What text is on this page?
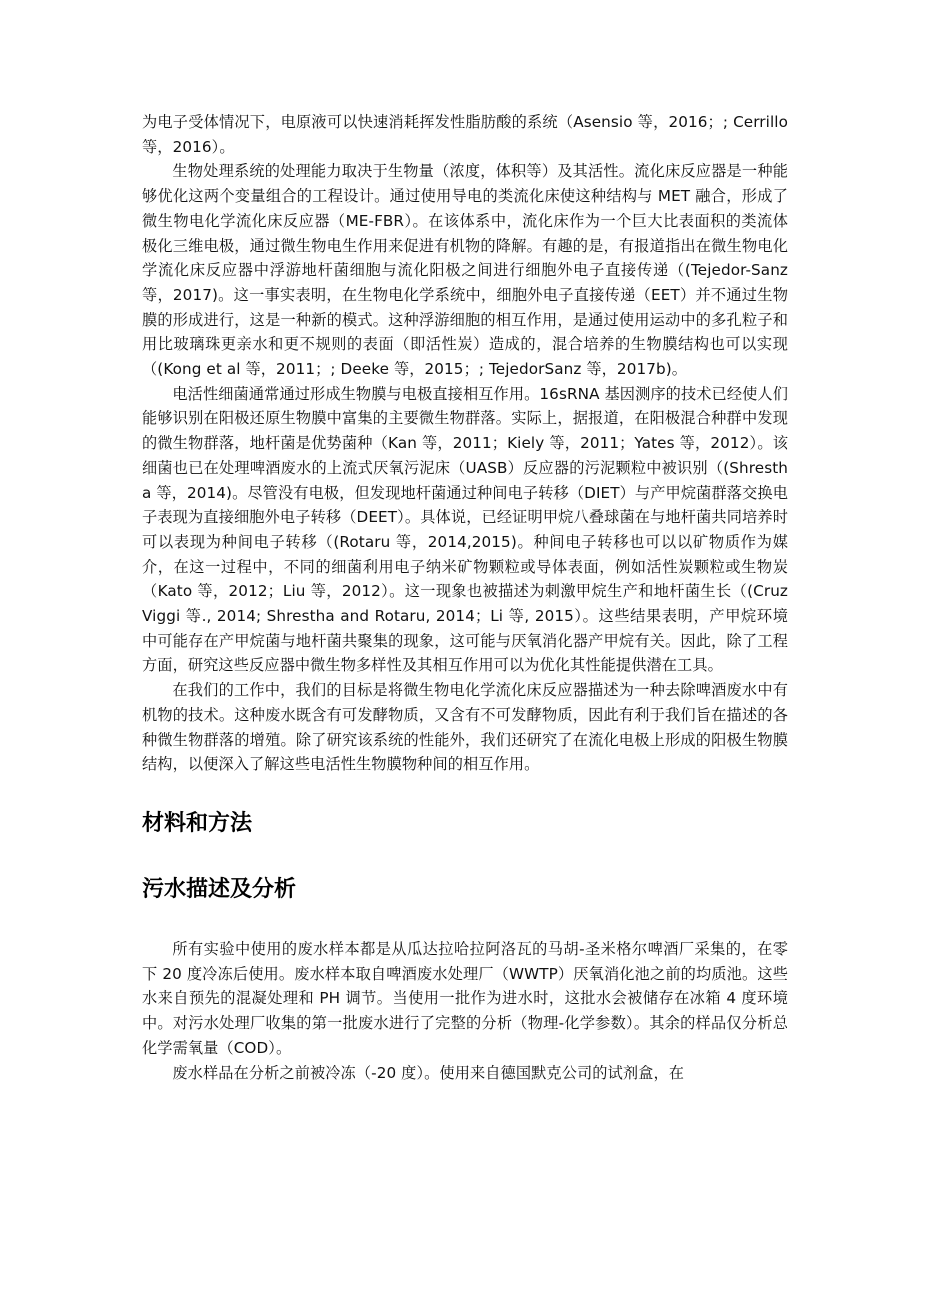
为电子受体情况下，电原液可以快速消耗挥发性脂肪酸的系统（Asensio 等，2016；; Cerrillo 等，2016）。

生物处理系统的处理能力取决于生物量（浓度，体积等）及其活性。流化床反应器是一种能够优化这两个变量组合的工程设计。通过使用导电的类流化床使这种结构与 MET 融合，形成了微生物电化学流化床反应器（ME-FBR）。在该体系中，流化床作为一个巨大比表面积的类流体极化三维电极，通过微生物电生作用来促进有机物的降解。有趣的是，有报道指出在微生物电化学流化床反应器中浮游地杆菌细胞与流化阳极之间进行细胞外电子直接传递（(Tejedor-Sanz 等，2017)。这一事实表明，在生物电化学系统中，细胞外电子直接传递（EET）并不通过生物膜的形成进行，这是一种新的模式。这种浮游细胞的相互作用，是通过使用运动中的多孔粒子和用比玻璃珠更亲水和更不规则的表面（即活性炭）造成的，混合培养的生物膜结构也可以实现（(Kong et al 等，2011；; Deeke 等，2015；; TejedorSanz 等，2017b)。

电活性细菌通常通过形成生物膜与电极直接相互作用。16sRNA 基因测序的技术已经使人们能够识别在阳极还原生物膜中富集的主要微生物群落。实际上，据报道，在阳极混合种群中发现的微生物群落，地杆菌是优势菌种（Kan 等，2011；Kiely 等，2011；Yates 等，2012）。该细菌也已在处理啤酒废水的上流式厌氧污泥床（UASB）反应器的污泥颗粒中被识别（(Shrestha 等，2014)。尽管没有电极，但发现地杆菌通过种间电子转移（DIET）与产甲烷菌群落交换电子表现为直接细胞外电子转移（DEET）。具体说，已经证明甲烷八叠球菌在与地杆菌共同培养时可以表现为种间电子转移（(Rotaru 等，2014,2015)。种间电子转移也可以以矿物质作为媒介，在这一过程中，不同的细菌利用电子纳米矿物颗粒或导体表面，例如活性炭颗粒或生物炭（Kato 等，2012；Liu 等，2012）。这一现象也被描述为刺激甲烷生产和地杆菌生长（(Cruz Viggi 等., 2014; Shrestha and Rotaru, 2014；Li 等, 2015）。这些结果表明，产甲烷环境中可能存在产甲烷菌与地杆菌共聚集的现象，这可能与厌氧消化器产甲烷有关。因此，除了工程方面，研究这些反应器中微生物多样性及其相互作用可以为优化其性能提供潜在工具。

在我们的工作中，我们的目标是将微生物电化学流化床反应器描述为一种去除啤酒废水中有机物的技术。这种废水既含有可发酵物质，又含有不可发酵物质，因此有利于我们旨在描述的各种微生物群落的增殖。除了研究该系统的性能外，我们还研究了在流化电极上形成的阳极生物膜结构，以便深入了解这些电活性生物膜物种间的相互作用。

材料和方法
污水描述及分析

所有实验中使用的废水样本都是从瓜达拉哈拉阿洛瓦的马胡-圣米格尔啤酒厂采集的，在零下 20 度冷冻后使用。废水样本取自啤酒废水处理厂（WWTP）厌氧消化池之前的均质池。这些水来自预先的混凝处理和 PH 调节。当使用一批作为进水时，这批水会被储存在冰箱 4 度环境中。对污水处理厂收集的第一批废水进行了完整的分析（物理-化学参数）。其余的样品仅分析总化学需氧量（COD）。

废水样品在分析之前被冷冻（-20 度）。使用来自德国默克公司的试剂盒，在
